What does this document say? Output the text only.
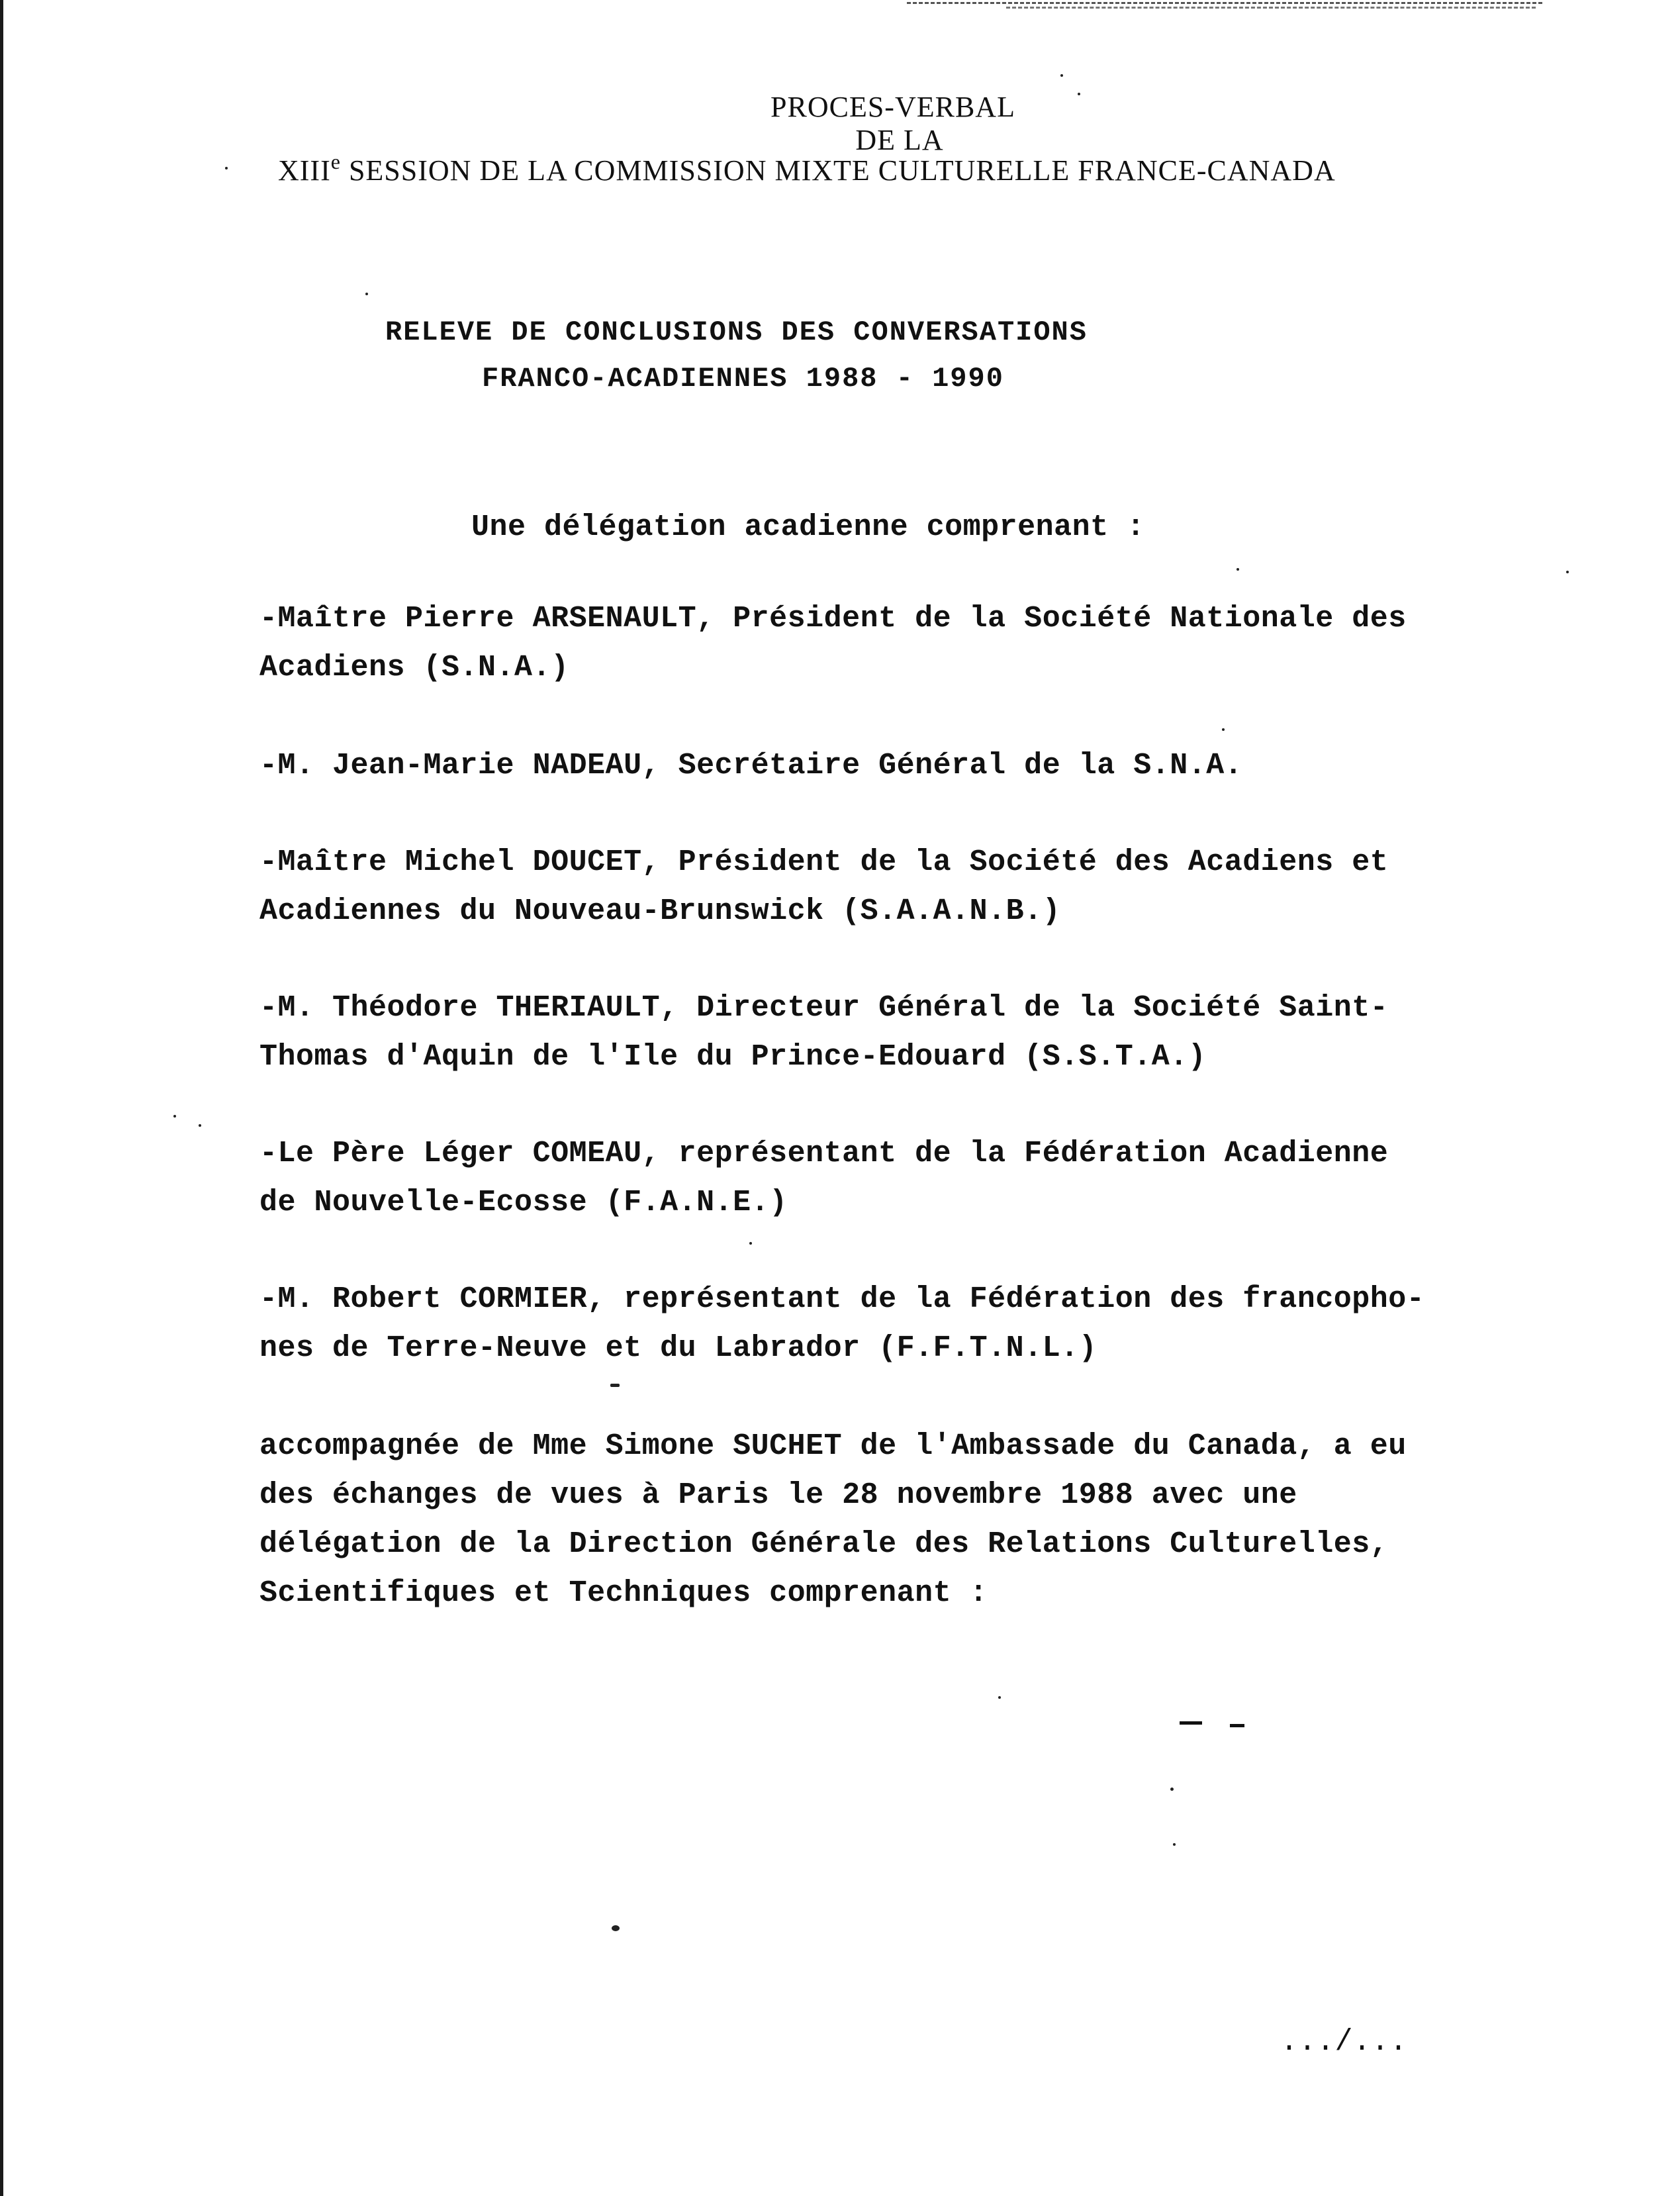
PROCES-VERBAL
DE LA
XIIIe SESSION DE LA COMMISSION MIXTE CULTURELLE FRANCE-CANADA
RELEVE DE CONCLUSIONS DES CONVERSATIONS
FRANCO-ACADIENNES 1988 - 1990
Une délégation acadienne comprenant :
-Maître Pierre ARSENAULT, Président de la Société Nationale des
Acadiens (S.N.A.)
-M. Jean-Marie NADEAU, Secrétaire Général de la S.N.A.
-Maître Michel DOUCET, Président de la Société des Acadiens et
Acadiennes du Nouveau-Brunswick (S.A.A.N.B.)
-M. Théodore THERIAULT, Directeur Général de la Société Saint-
Thomas d'Aquin de l'Ile du Prince-Edouard (S.S.T.A.)
-Le Père Léger COMEAU, représentant de la Fédération Acadienne
de Nouvelle-Ecosse (F.A.N.E.)
-M. Robert CORMIER, représentant de la Fédération des francopho-
nes de Terre-Neuve et du Labrador (F.F.T.N.L.)
accompagnée de Mme Simone SUCHET de l'Ambassade du Canada, a eu
des échanges de vues à Paris le 28 novembre 1988 avec une
délégation de la Direction Générale des Relations Culturelles,
Scientifiques et Techniques comprenant :
.../...
